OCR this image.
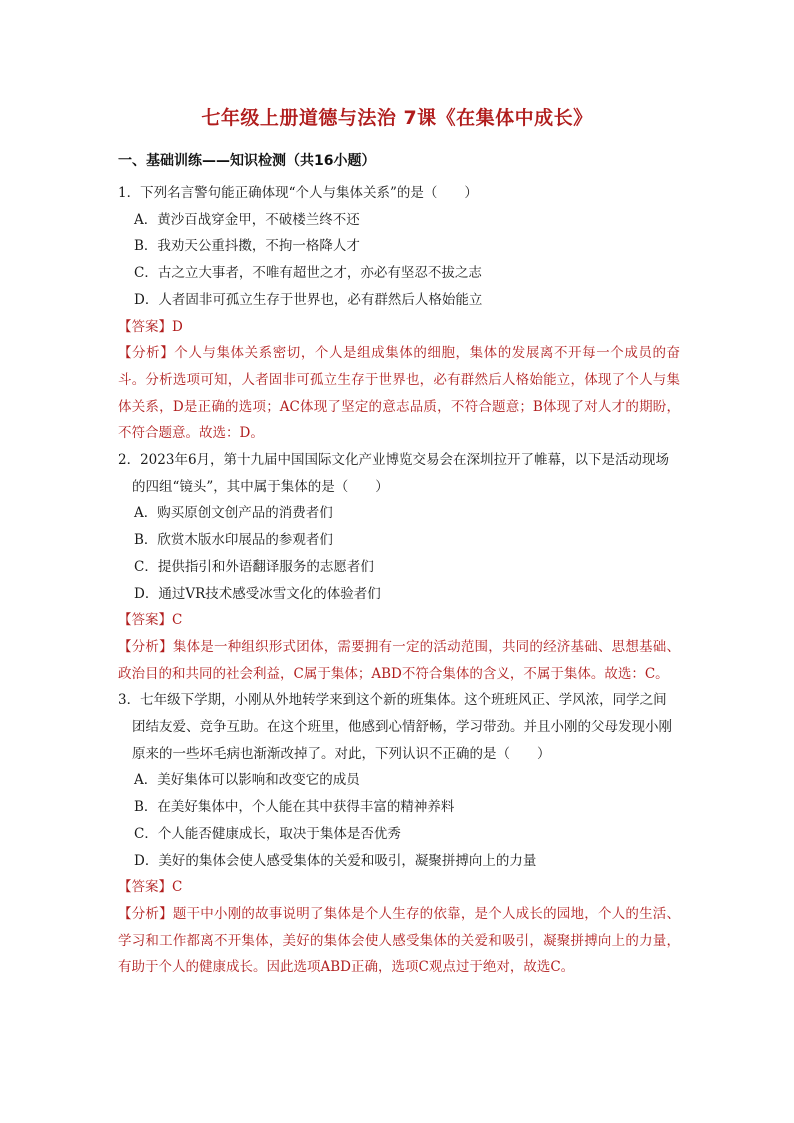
七年级上册道德与法治 7课《在集体中成长》
一、基础训练——知识检测（共16小题）

1．下列名言警句能正确体现“个人与集体关系”的是（　　）

A．黄沙百战穿金甲，不破楼兰终不还

B．我劝天公重抖擞，不拘一格降人才

C．古之立大事者，不唯有超世之才，亦必有坚忍不拔之志

D．人者固非可孤立生存于世界也，必有群然后人格始能立

【答案】D

【分析】个人与集体关系密切，个人是组成集体的细胞，集体的发展离不开每一个成员的奋斗。分析选项可知，人者固非可孤立生存于世界也，必有群然后人格始能立，体现了个人与集体关系，D是正确的选项；AC体现了坚定的意志品质，不符合题意；B体现了对人才的期盼，不符合题意。故选：D。

2．2023年6月，第十九届中国国际文化产业博览交易会在深圳拉开了帷幕，以下是活动现场的四组“镜头”，其中属于集体的是（　　）

A．购买原创文创产品的消费者们

B．欣赏木版水印展品的参观者们

C．提供指引和外语翻译服务的志愿者们

D．通过VR技术感受冰雪文化的体验者们

【答案】C

【分析】集体是一种组织形式团体，需要拥有一定的活动范围，共同的经济基础、思想基础、政治目的和共同的社会利益，C属于集体；ABD不符合集体的含义，不属于集体。故选：C。

3．七年级下学期，小刚从外地转学来到这个新的班集体。这个班班风正、学风浓，同学之间团结友爱、竞争互助。在这个班里，他感到心情舒畅，学习带劲。并且小刚的父母发现小刚原来的一些坏毛病也渐渐改掉了。对此，下列认识不正确的是（　　）

A．美好集体可以影响和改变它的成员

B．在美好集体中，个人能在其中获得丰富的精神养料

C．个人能否健康成长，取决于集体是否优秀

D．美好的集体会使人感受集体的关爱和吸引，凝聚拼搏向上的力量

【答案】C

【分析】题干中小刚的故事说明了集体是个人生存的依靠，是个人成长的园地，个人的生活、学习和工作都离不开集体，美好的集体会使人感受集体的关爱和吸引，凝聚拼搏向上的力量，有助于个人的健康成长。因此选项ABD正确，选项C观点过于绝对，故选C。
